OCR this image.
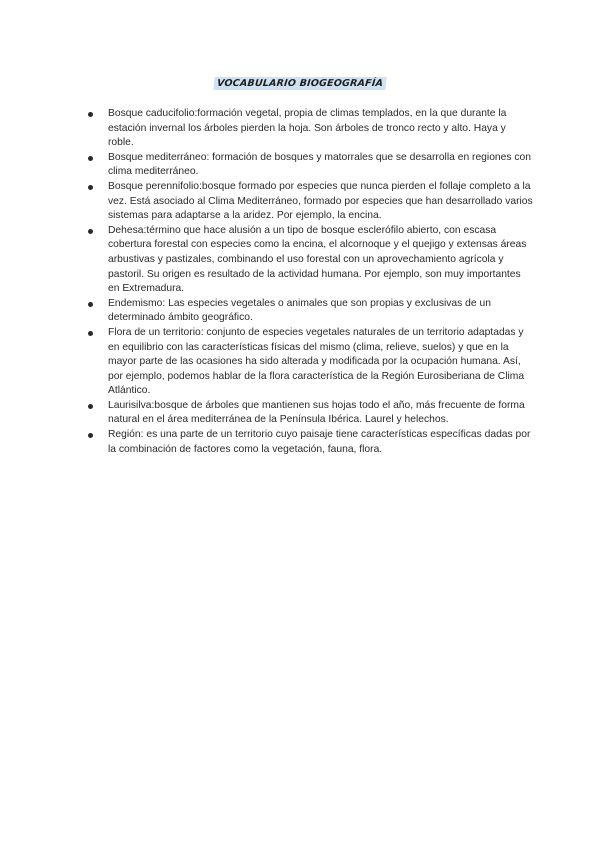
VOCABULARIO BIOGEOGRAFÍA
Bosque caducifolio:formación vegetal, propia de climas templados, en la que durante la estación invernal los árboles pierden la hoja. Son árboles de tronco recto y alto. Haya y roble.
Bosque mediterráneo: formación de bosques y matorrales que se desarrolla en regiones con clima mediterráneo.
Bosque perennifolio:bosque formado por especies que nunca pierden el follaje completo a la vez. Está asociado al Clima Mediterráneo, formado por especies que han desarrollado varios sistemas para adaptarse a la aridez. Por ejemplo, la encina.
Dehesa:término que hace alusión a un tipo de bosque esclerófilo abierto, con escasa cobertura forestal con especies como la encina, el alcornoque y el quejigo y extensas áreas arbustivas y pastizales, combinando el uso forestal con un aprovechamiento agrícola y pastoril. Su origen es resultado de la actividad humana. Por ejemplo, son muy importantes en Extremadura.
Endemismo: Las especies vegetales o animales que son propias y exclusivas de un determinado ámbito geográfico.
Flora de un territorio: conjunto de especies vegetales naturales de un territorio adaptadas y en equilibrio con las características físicas del mismo (clima, relieve, suelos) y que en la mayor parte de las ocasiones ha sido alterada y modificada por la ocupación humana. Así, por ejemplo, podemos hablar de la flora característica de la Región Eurosiberiana de Clima Atlántico.
Laurisilva:bosque de árboles que mantienen sus hojas todo el año, más frecuente de forma natural en el área mediterránea de la Península Ibérica. Laurel y helechos.
Región: es una parte de un territorio cuyo paisaje tiene características específicas dadas por la combinación de factores como la vegetación, fauna, flora.
